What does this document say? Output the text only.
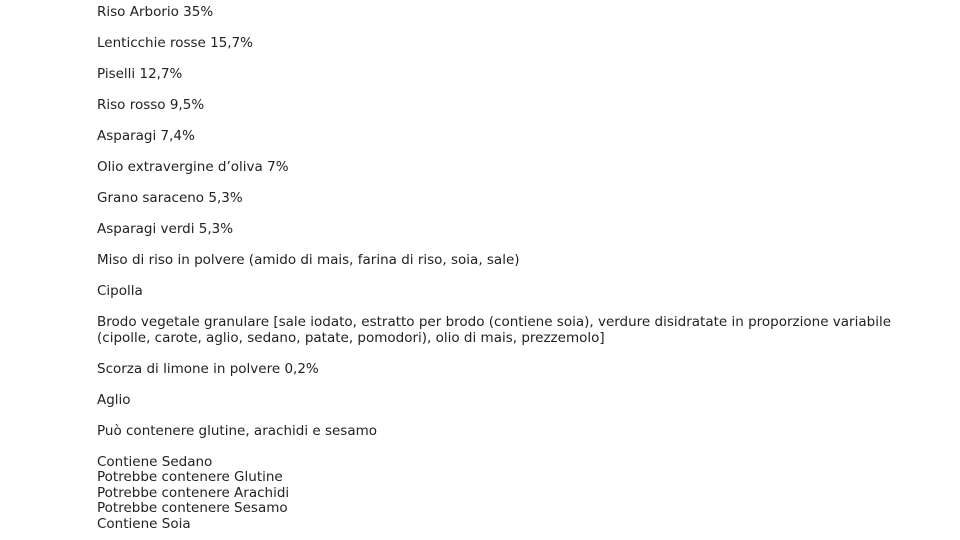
Riso Arborio 35%

Lenticchie rosse 15,7%

Piselli 12,7%

Riso rosso 9,5%

Asparagi 7,4%

Olio extravergine d’oliva 7%

Grano saraceno 5,3%

Asparagi verdi 5,3%

Miso di riso in polvere (amido di mais, farina di riso, soia, sale)

Cipolla

Brodo vegetale granulare [sale iodato, estratto per brodo (contiene soia), verdure disidratate in proporzione variabile
(cipolle, carote, aglio, sedano, patate, pomodori), olio di mais, prezzemolo]

Scorza di limone in polvere 0,2%

Aglio

Può contenere glutine, arachidi e sesamo

Contiene Sedano
Potrebbe contenere Glutine
Potrebbe contenere Arachidi
Potrebbe contenere Sesamo
Contiene Soia
